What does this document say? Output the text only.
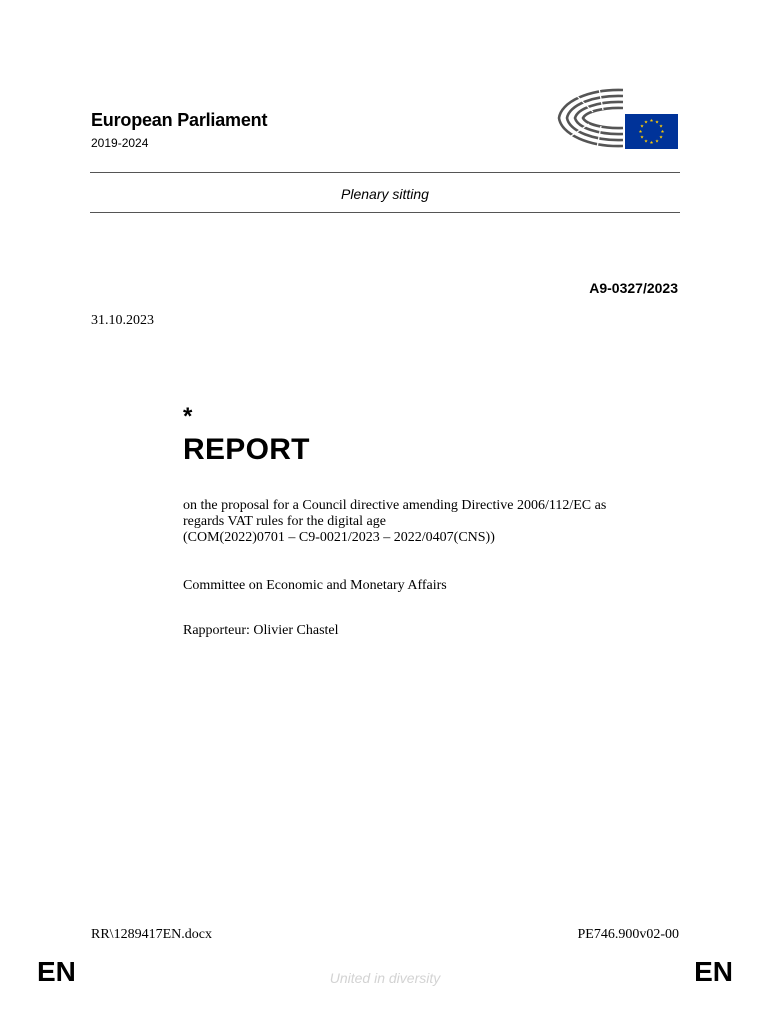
European Parliament
2019-2024
Plenary sitting
A9-0327/2023
31.10.2023
*
REPORT
on the proposal for a Council directive amending Directive 2006/112/EC as
regards VAT rules for the digital age
(COM(2022)0701 – C9-0021/2023 – 2022/0407(CNS))
Committee on Economic and Monetary Affairs
Rapporteur: Olivier Chastel
RR\1289417EN.docx	PE746.900v02-00
EN	United in diversity	EN
